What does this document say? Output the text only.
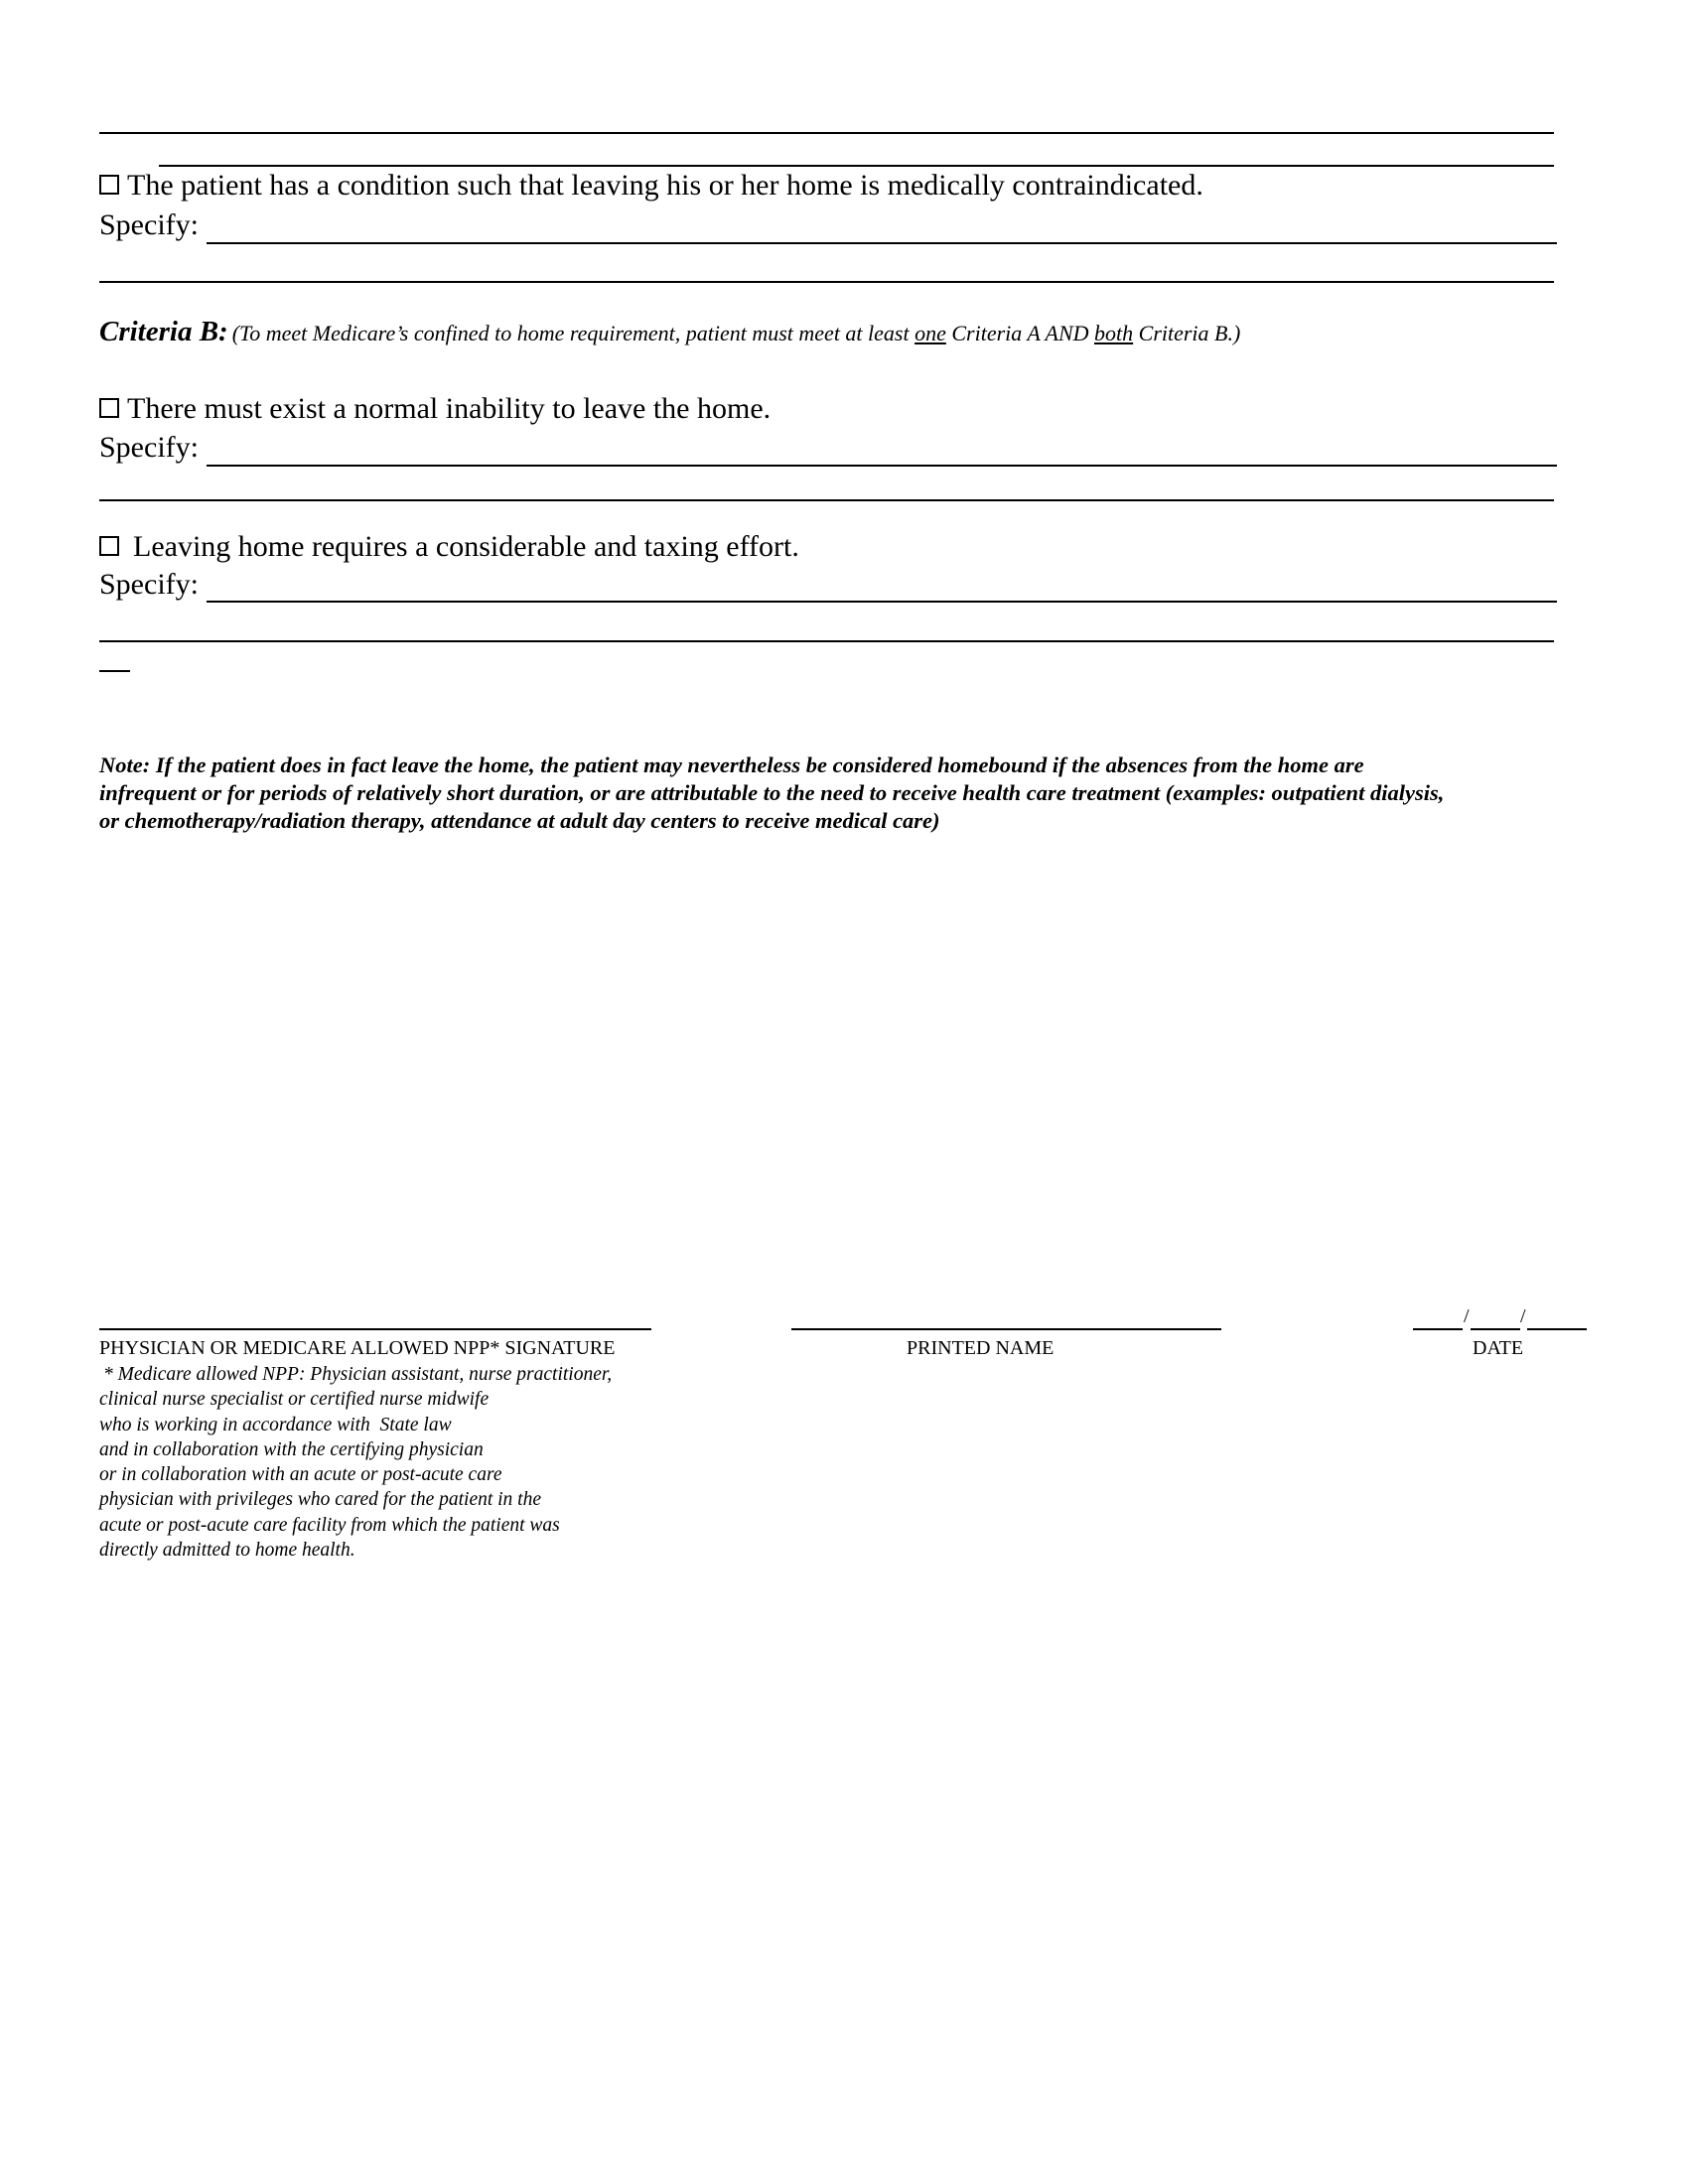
The patient has a condition such that leaving his or her home is medically contraindicated.
Specify:
Criteria B: (To meet Medicare’s confined to home requirement, patient must meet at least one Criteria A AND both Criteria B.)
There must exist a normal inability to leave the home.
Specify:
Leaving home requires a considerable and taxing effort.
Specify:
Note: If the patient does in fact leave the home, the patient may nevertheless be considered homebound if the absences from the home are
infrequent or for periods of relatively short duration, or are attributable to the need to receive health care treatment (examples: outpatient dialysis,
or chemotherapy/radiation therapy, attendance at adult day centers to receive medical care)
PHYSICIAN OR MEDICARE ALLOWED NPP* SIGNATURE	PRINTED NAME
/	/
DATE
* Medicare allowed NPP: Physician assistant, nurse practitioner,
clinical nurse specialist or certified nurse midwife
who is working in accordance with  State law
and in collaboration with the certifying physician
or in collaboration with an acute or post-acute care
physician with privileges who cared for the patient in the
acute or post-acute care facility from which the patient was
directly admitted to home health.
